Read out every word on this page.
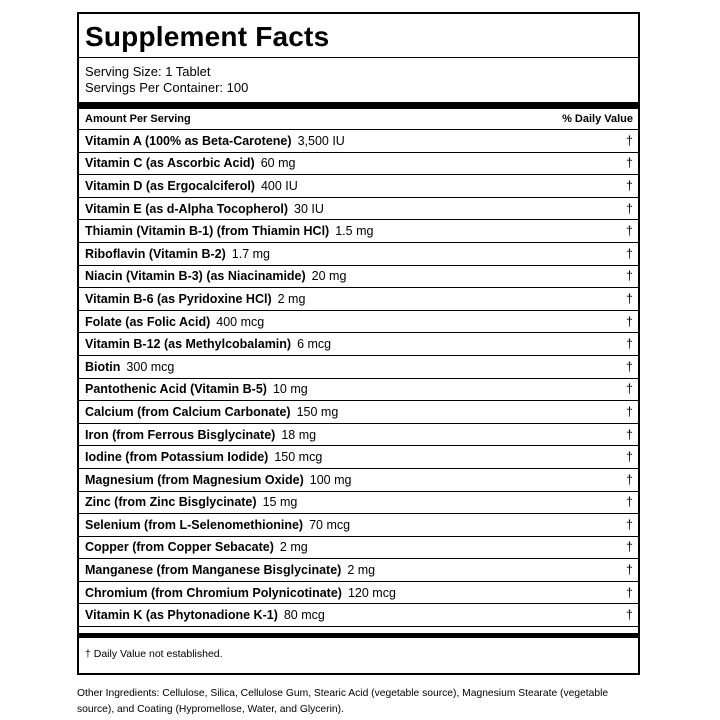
Supplement Facts
Serving Size: 1 Tablet
Servings Per Container: 100
Amount Per Serving	% Daily Value
Vitamin A (100% as Beta-Carotene) 3,500 IU	†
Vitamin C (as Ascorbic Acid) 60 mg	†
Vitamin D (as Ergocalciferol) 400 IU	†
Vitamin E (as d-Alpha Tocopherol) 30 IU	†
Thiamin (Vitamin B-1) (from Thiamin HCl) 1.5 mg	†
Riboflavin (Vitamin B-2) 1.7 mg	†
Niacin (Vitamin B-3) (as Niacinamide) 20 mg	†
Vitamin B-6 (as Pyridoxine HCl) 2 mg	†
Folate (as Folic Acid) 400 mcg	†
Vitamin B-12 (as Methylcobalamin) 6 mcg	†
Biotin 300 mcg	†
Pantothenic Acid (Vitamin B-5) 10 mg	†
Calcium (from Calcium Carbonate) 150 mg	†
Iron (from Ferrous Bisglycinate) 18 mg	†
Iodine (from Potassium Iodide) 150 mcg	†
Magnesium (from Magnesium Oxide) 100 mg	†
Zinc (from Zinc Bisglycinate) 15 mg	†
Selenium (from L-Selenomethionine) 70 mcg	†
Copper (from Copper Sebacate) 2 mg	†
Manganese (from Manganese Bisglycinate) 2 mg	†
Chromium (from Chromium Polynicotinate) 120 mcg	†
Vitamin K (as Phytonadione K-1) 80 mcg	†
† Daily Value not established.
Other Ingredients: Cellulose, Silica, Cellulose Gum, Stearic Acid (vegetable source), Magnesium Stearate (vegetable source), and Coating (Hypromellose, Water, and Glycerin).
